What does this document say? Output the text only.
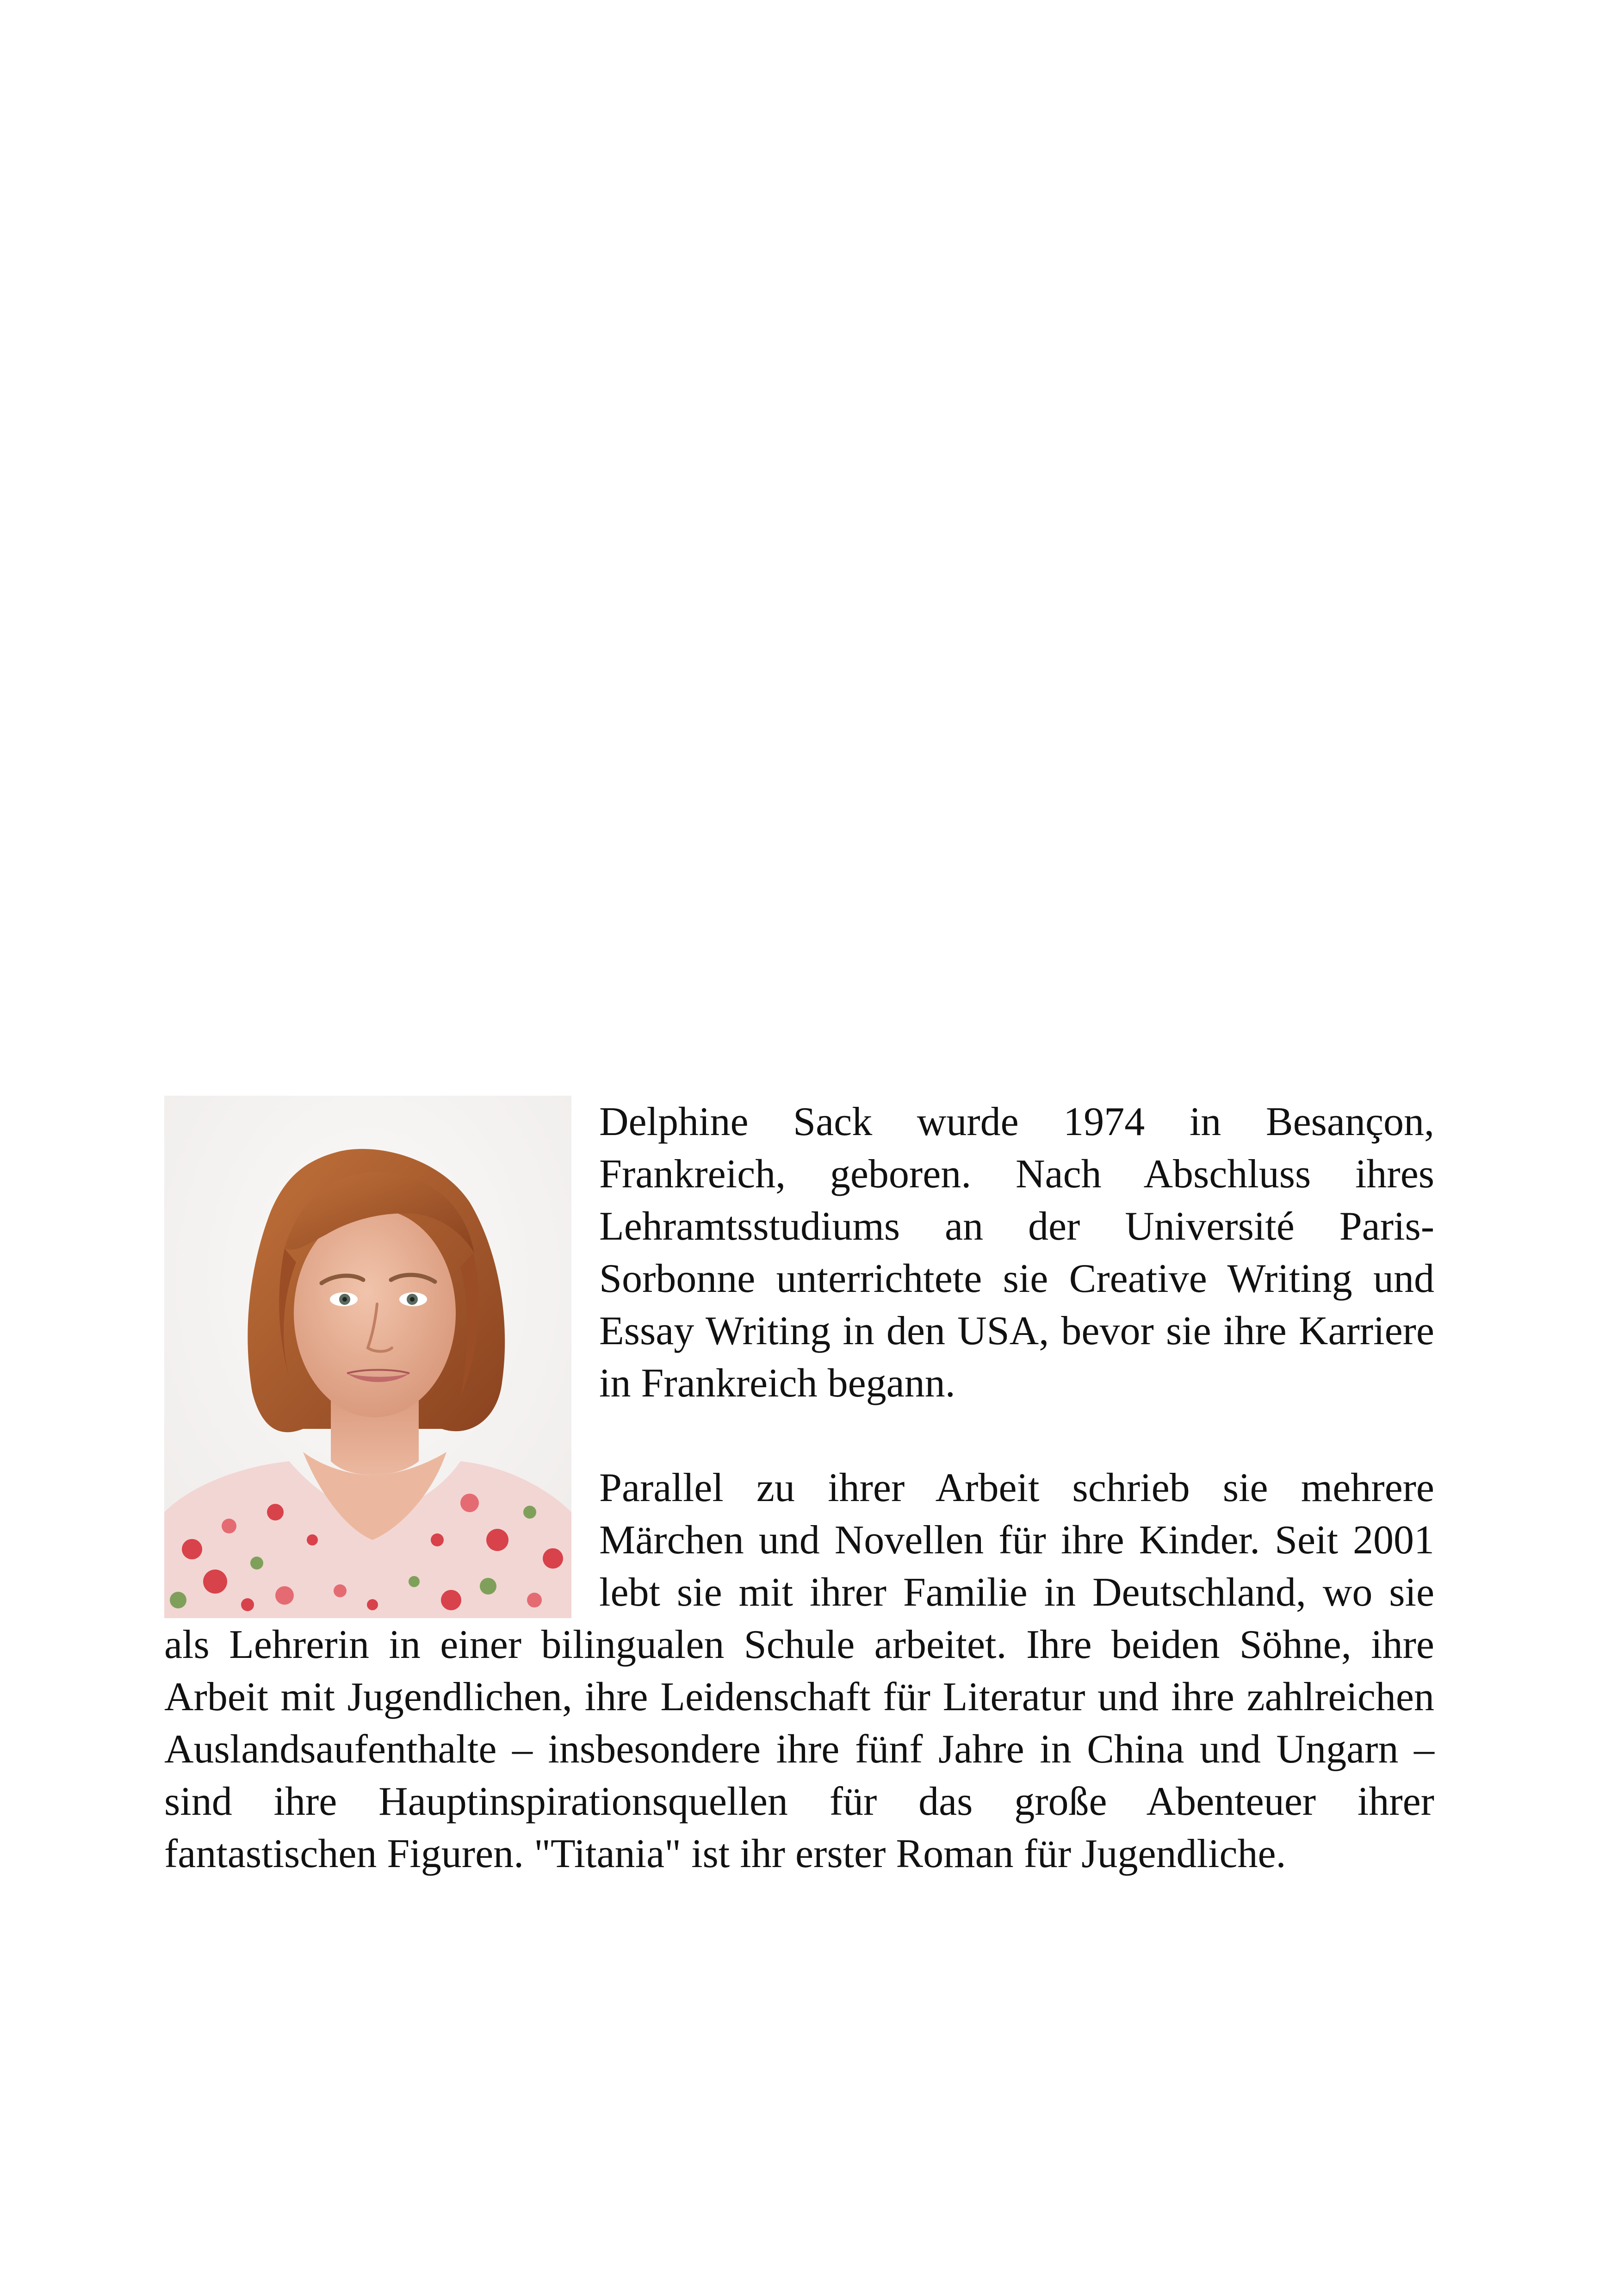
Delphine Sack wurde 1974 in Besançon, Frankreich, geboren. Nach Abschluss ihres Lehramtsstudiums an der Université Paris-Sorbonne unterrichtete sie Creative Writing und Essay Writing in den USA, bevor sie ihre Karriere in Frankreich begann.

Parallel zu ihrer Arbeit schrieb sie mehrere Märchen und Novellen für ihre Kinder. Seit 2001 lebt sie mit ihrer Familie in Deutschland, wo sie als Lehrerin in einer bilingualen Schule arbeitet. Ihre beiden Söhne, ihre Arbeit mit Jugendlichen, ihre Leidenschaft für Literatur und ihre zahlreichen Auslandsaufenthalte – insbesondere ihre fünf Jahre in China und Ungarn – sind ihre Hauptinspirationsquellen für das große Abenteuer ihrer fantastischen Figuren. "Titania" ist ihr erster Roman für Jugendliche.
